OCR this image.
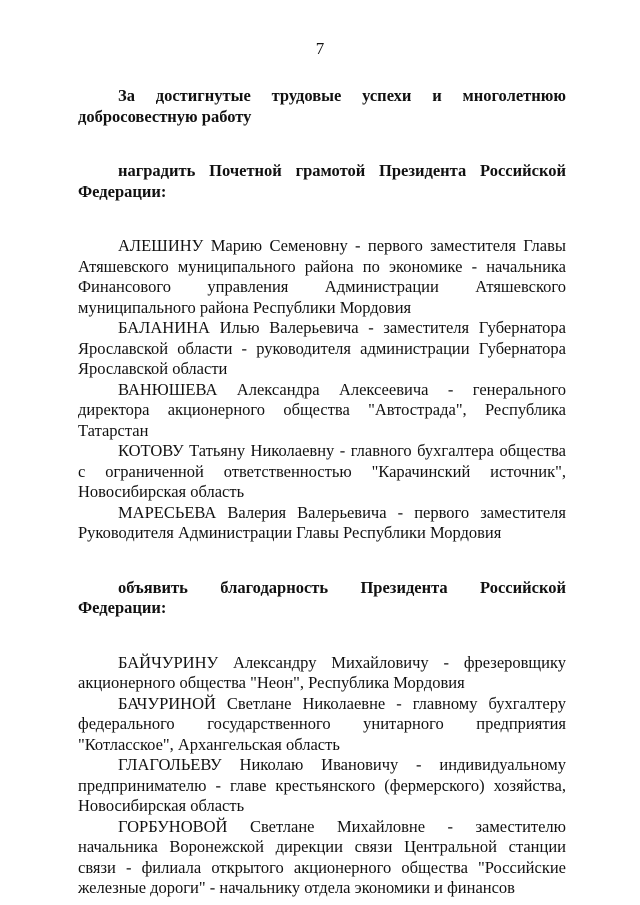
7

За достигнутые трудовые успехи и многолетнюю добросовестную работу

наградить Почетной грамотой Президента Российской Федерации:

АЛЕШИНУ Марию Семеновну - первого заместителя Главы Атяшевского муниципального района по экономике - начальника Финансового управления Администрации Атяшевского муниципального района Республики Мордовия

БАЛАНИНА Илью Валерьевича - заместителя Губернатора Ярославской области - руководителя администрации Губернатора Ярославской области

ВАНЮШЕВА Александра Алексеевича - генерального директора акционерного общества "Автострада", Республика Татарстан

КОТОВУ Татьяну Николаевну - главного бухгалтера общества с ограниченной ответственностью "Карачинский источник", Новосибирская область

МАРЕСЬЕВА Валерия Валерьевича - первого заместителя Руководителя Администрации Главы Республики Мордовия

объявить благодарность Президента Российской Федерации:

БАЙЧУРИНУ Александру Михайловичу - фрезеровщику акционерного общества "Неон", Республика Мордовия

БАЧУРИНОЙ Светлане Николаевне - главному бухгалтеру федерального государственного унитарного предприятия "Котласское", Архангельская область

ГЛАГОЛЬЕВУ Николаю Ивановичу - индивидуальному предпринимателю - главе крестьянского (фермерского) хозяйства, Новосибирская область

ГОРБУНОВОЙ Светлане Михайловне - заместителю начальника Воронежской дирекции связи Центральной станции связи - филиала открытого акционерного общества "Российские железные дороги" - начальнику отдела экономики и финансов
